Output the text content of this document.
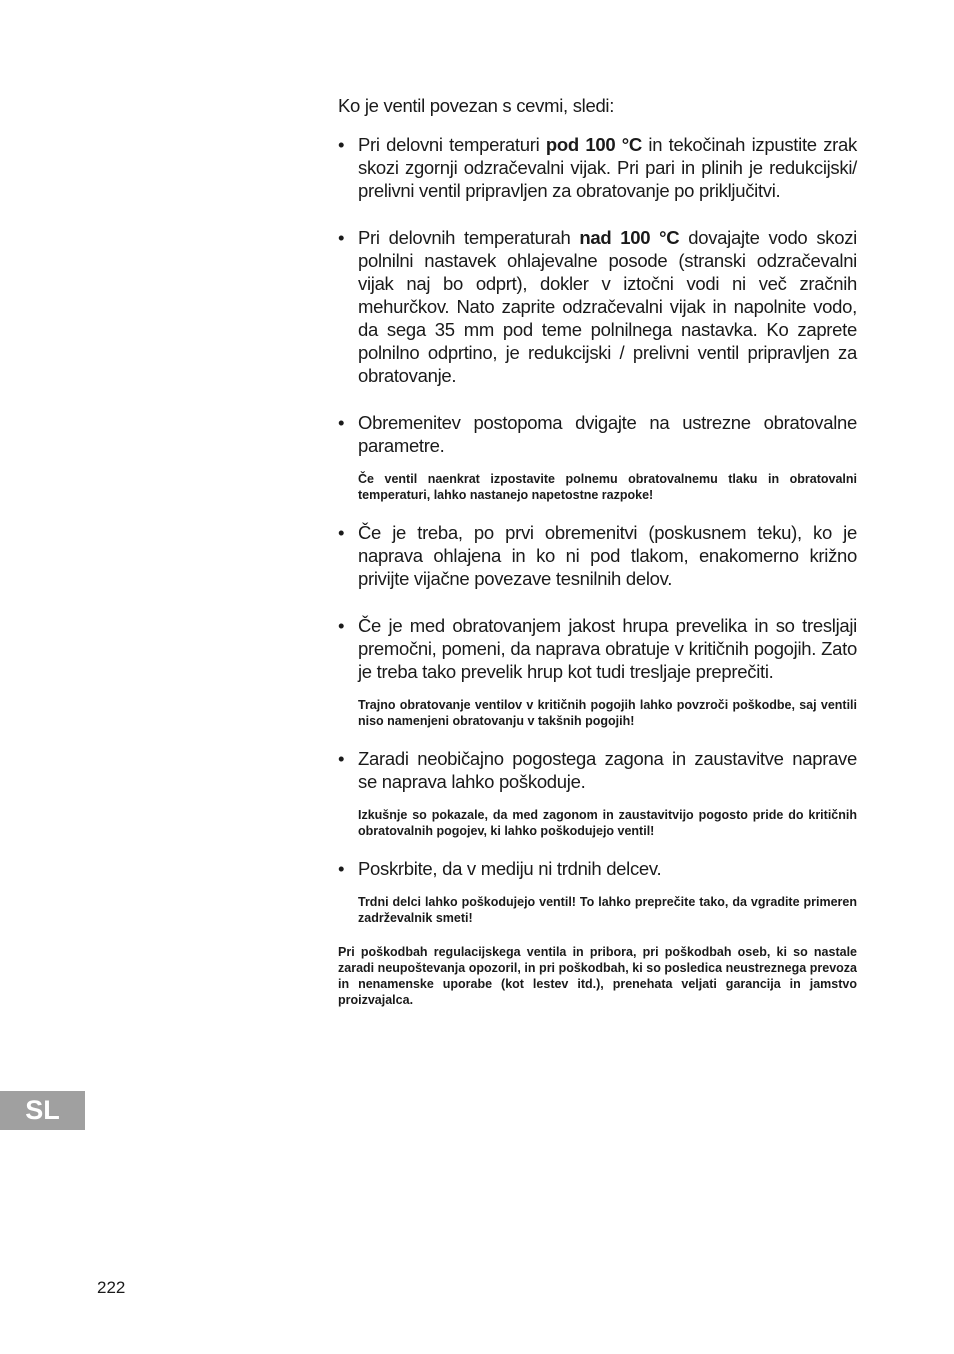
Ko je ventil povezan s cevmi, sledi:

• Pri delovni temperaturi pod 100 °C in tekočinah izpustite zrak skozi zgornji odzračevalni vijak. Pri pari in plinih je redukcijski/ prelivni ventil pripravljen za obratovanje po priključitvi.
• Pri delovnih temperaturah nad 100 °C dovajajte vodo skozi polnilni nastavek ohlajevalne posode (stranski odzračevalni vijak naj bo odprt), dokler v iztočni vodi ni več zračnih mehurčkov. Nato zaprite odzračevalni vijak in napolnite vodo, da sega 35 mm pod teme polnilnega nastavka. Ko zaprete polnilno odprtino, je redukcijski / prelivni ventil pripravljen za obratovanje.
• Obremenitev postopoma dvigajte na ustrezne obratovalne parametre.
Če ventil naenkrat izpostavite polnemu obratovalnemu tlaku in obratovalni temperaturi, lahko nastanejo napetostne razpoke!
• Če je treba, po prvi obremenitvi (poskusnem teku), ko je naprava ohlajena in ko ni pod tlakom, enakomerno križno privijte vijačne povezave tesnilnih delov.
• Če je med obratovanjem jakost hrupa prevelika in so tresljaji premočni, pomeni, da naprava obratuje v kritičnih pogojih. Zato je treba tako prevelik hrup kot tudi tresljaje preprečiti.
Trajno obratovanje ventilov v kritičnih pogojih lahko povzroči poškodbe, saj ventili niso namenjeni obratovanju v takšnih pogojih!
• Zaradi neobičajno pogostega zagona in zaustavitve naprave se naprava lahko poškoduje.
Izkušnje so pokazale, da med zagonom in zaustavitvijo pogosto pride do kritičnih obratovalnih pogojev, ki lahko poškodujejo ventil!
• Poskrbite, da v mediju ni trdnih delcev.
Trdni delci lahko poškodujejo ventil! To lahko preprečite tako, da vgradite primeren zadrževalnik smeti!
Pri poškodbah regulacijskega ventila in pribora, pri poškodbah oseb, ki so nastale zaradi neupoštevanja opozoril, in pri poškodbah, ki so posledica neustreznega prevoza in nenamenske uporabe (kot lestev itd.), prenehata veljati garancija in jamstvo proizvajalca.
SL
222
